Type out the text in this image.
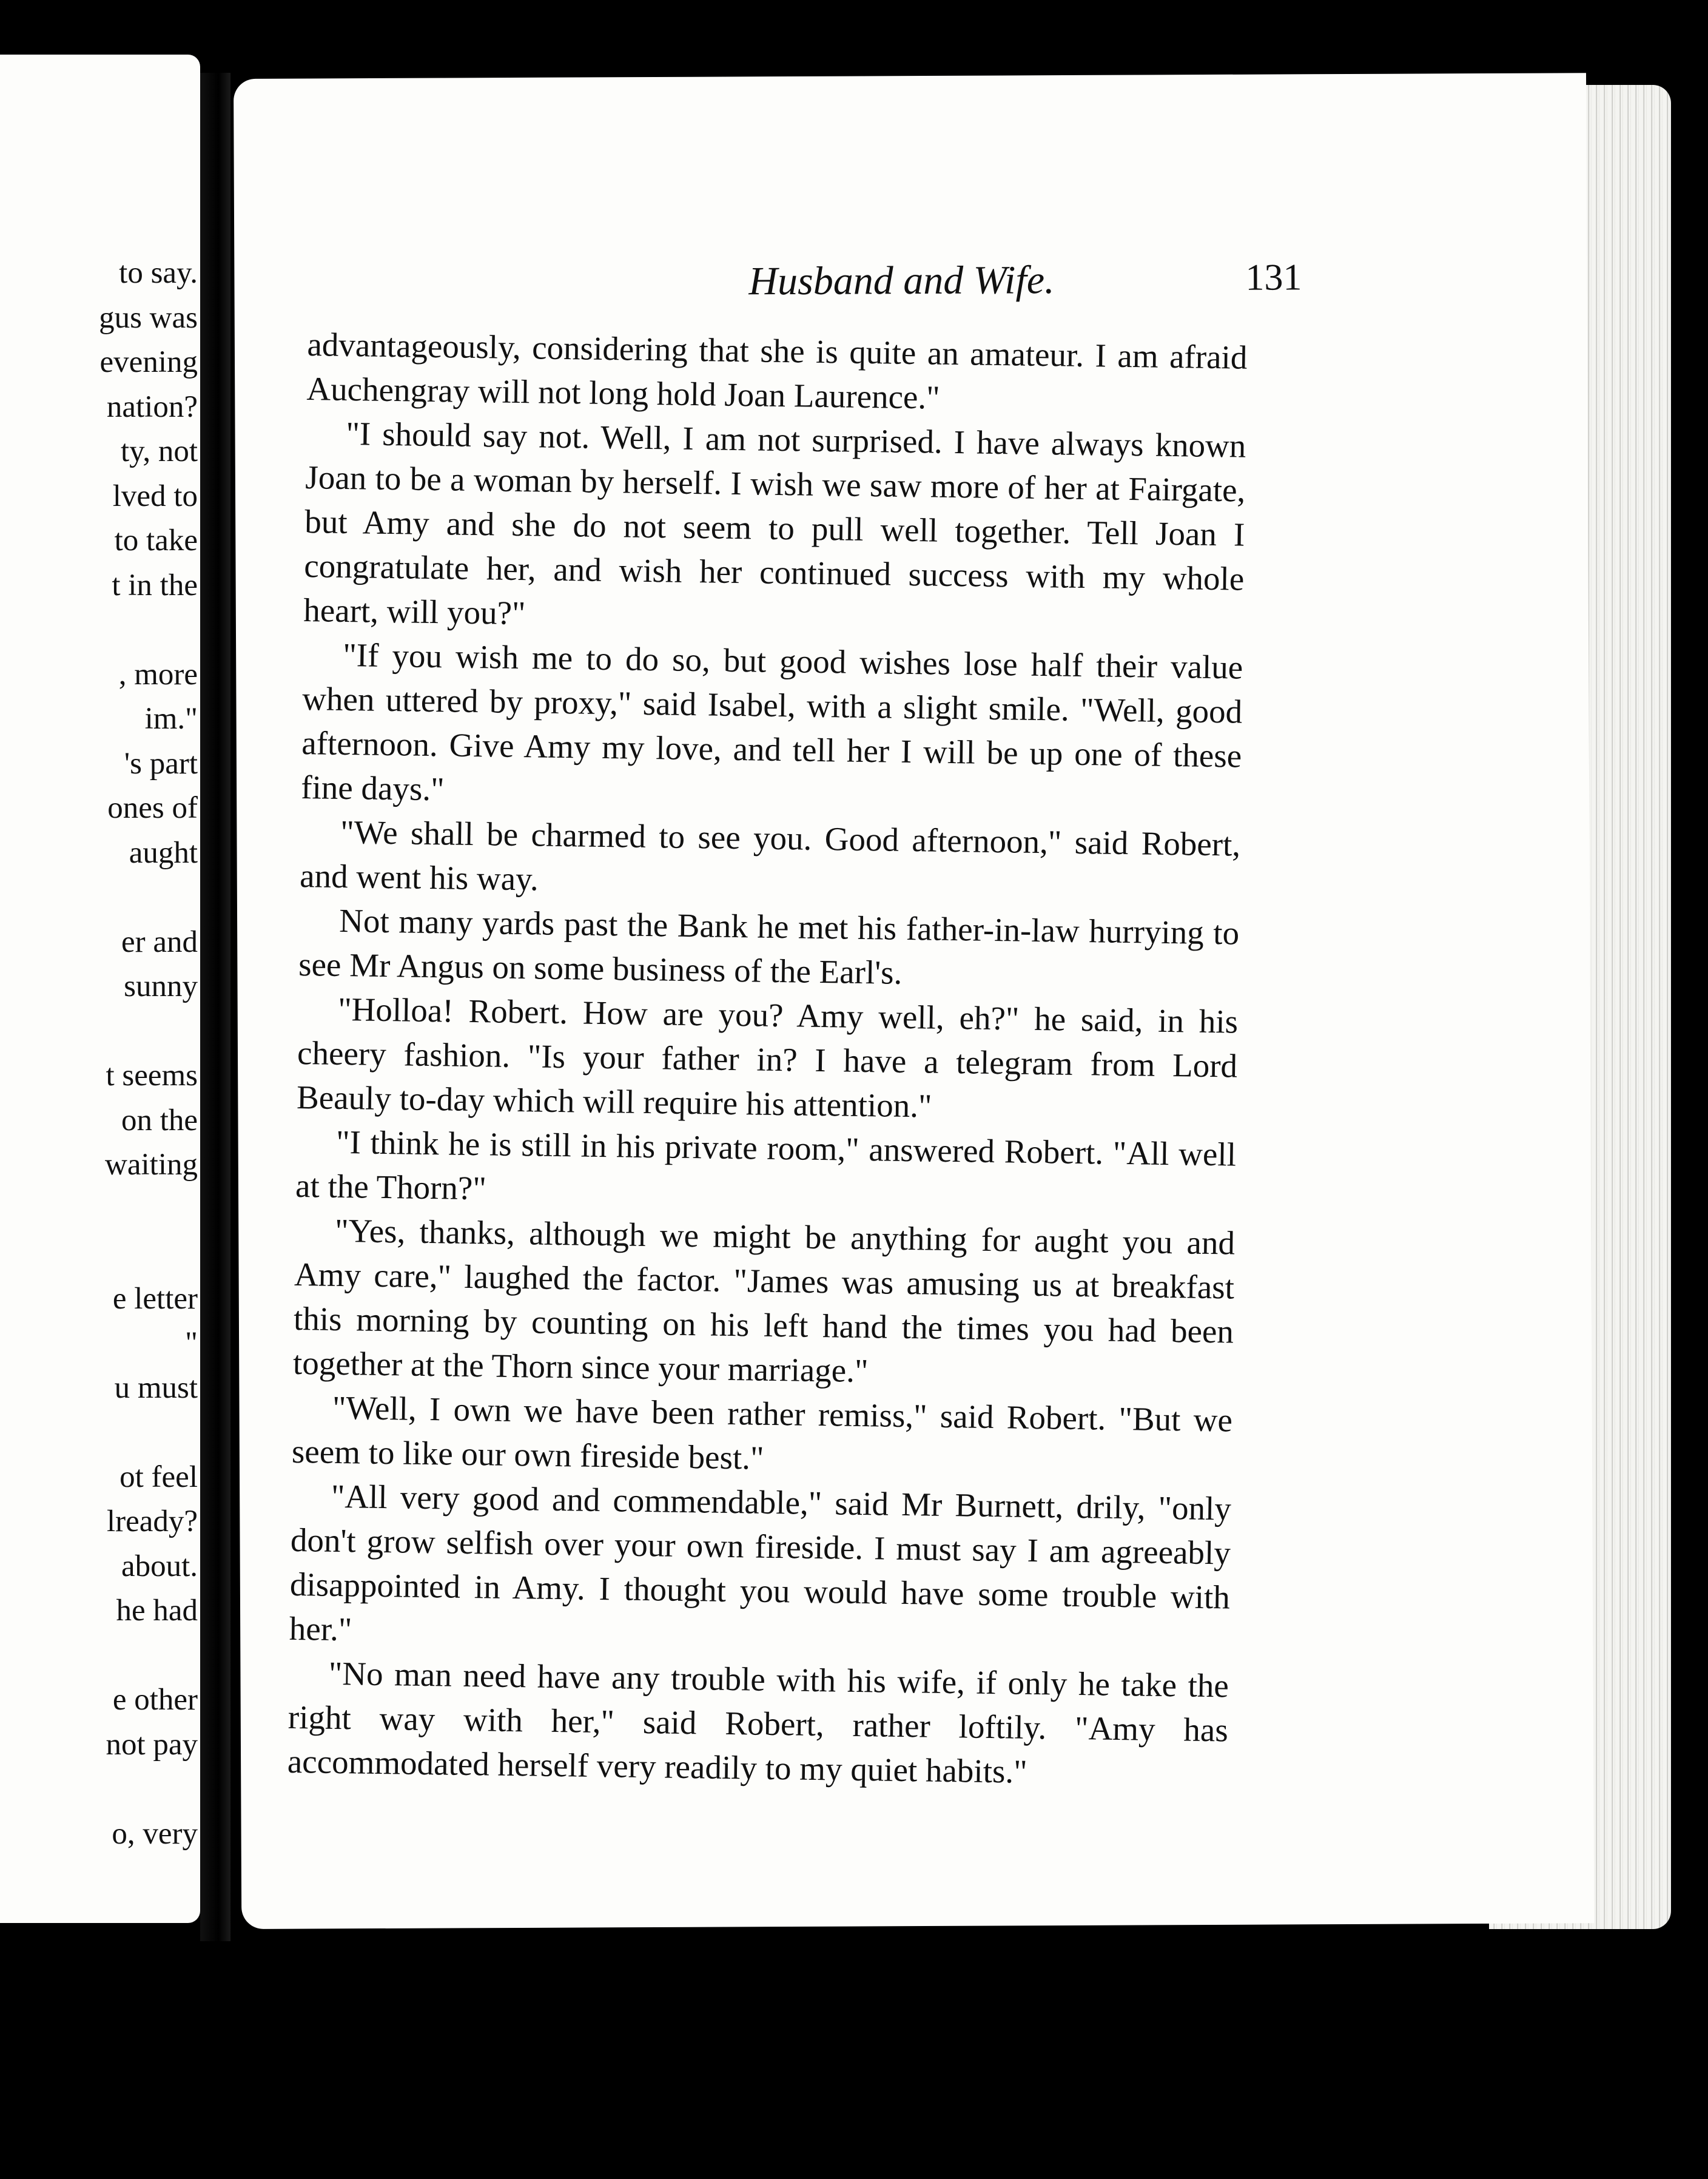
to say.
gus was
evening
nation?
ty, not
lved to
to take
t in the
, more
im."
's part
ones of
aught
er and
sunny
t seems
on the
waiting
e letter
"
u must
ot feel
lready?
about.
he had
e other
not pay
o, very
Husband and Wife.	131

advantageously, considering that she is quite an amateur. I am afraid Auchengray will not long hold Joan Laurence."

"I should say not. Well, I am not surprised. I have always known Joan to be a woman by herself. I wish we saw more of her at Fairgate, but Amy and she do not seem to pull well together. Tell Joan I congratulate her, and wish her continued success with my whole heart, will you?"

"If you wish me to do so, but good wishes lose half their value when uttered by proxy," said Isabel, with a slight smile. "Well, good afternoon. Give Amy my love, and tell her I will be up one of these fine days."

"We shall be charmed to see you. Good afternoon," said Robert, and went his way.

Not many yards past the Bank he met his father-in-law hurrying to see Mr Angus on some business of the Earl's.

"Holloa! Robert. How are you? Amy well, eh?" he said, in his cheery fashion. "Is your father in? I have a telegram from Lord Beauly to-day which will require his attention."

"I think he is still in his private room," answered Robert. "All well at the Thorn?"

"Yes, thanks, although we might be anything for aught you and Amy care," laughed the factor. "James was amusing us at breakfast this morning by counting on his left hand the times you had been together at the Thorn since your marriage."

"Well, I own we have been rather remiss," said Robert. "But we seem to like our own fireside best."

"All very good and commendable," said Mr Burnett, drily, "only don't grow selfish over your own fireside. I must say I am agreeably disappointed in Amy. I thought you would have some trouble with her."

"No man need have any trouble with his wife, if only he take the right way with her," said Robert, rather loftily. "Amy has accommodated herself very readily to my quiet habits."
